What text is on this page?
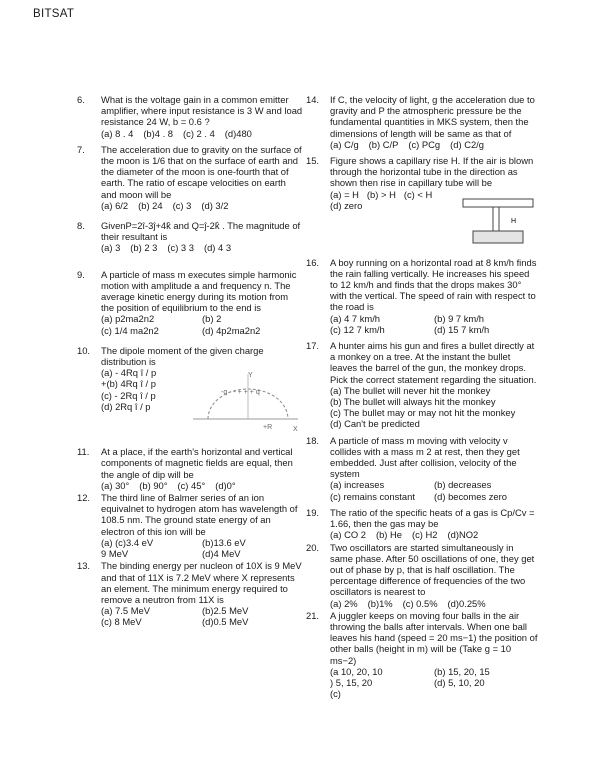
BITSAT
6.	What is the voltage gain in a common emitter amplifier, where input resistance is 3 W and load resistance 24 W, b = 0.6 ?
(a) 8 . 4 (b)4 . 8 (c) 2 . 4 (d)480
7.	The acceleration due to gravity on the surface of the moon is 1/6 that on the surface of earth and the diameter of the moon is one-fourth that of earth. The ratio of escape velocities on earth and moon will be
(a) 6/2 (b) 24 (c) 3 (d) 3/2
8.	GivenP=2î-3ĵ+4k̂ and Q=ĵ-2k̂ . The magnitude of their resultant is
(a) 3 (b) 2 3 (c) 3 3 (d) 4 3
9.	A particle of mass m executes simple harmonic motion with amplitude a and frequency n. The average kinetic energy during its motion from the position of equilibrium to the end is
(a) p2ma2n2	(b) 2
(c) 1/4 ma2n2	(d) 4p2ma2n2
10.	The dipole moment of the given charge distribution is
Y
X
-q - - + + + q
+R
(a) - 4Rq î / p
+(b) 4Rq î / p
(c) - 2Rq î / p
(d) 2Rq î / p
11.	At a place, if the earth's horizontal and vertical components of magnetic fields are equal, then the angle of dip will be
(a) 30° (b) 90° (c) 45° (d)0°
12.	The third line of Balmer series of an ion equivalnet to hydrogen atom has wavelength of 108.5 nm. The ground state energy of an electron of this ion will be
(a) (c)3.4 eV	(b)13.6 eV
9 MeV	(d)4 MeV
13.	The binding energy per nucleon of 10X is 9 MeV and that of 11X is 7.2 MeV where X represents an element. The minimum energy required to remove a neutron from 11X is
(a) 7.5 MeV	(b)2.5 MeV
(c) 8 MeV	(d)0.5 MeV
14.	If C, the velocity of light, g the acceleration due to gravity and P the atmospheric pressure be the fundamental quantities in MKS system, then the dimensions of length will be same as that of
(a) C/g (b) C/P (c) PCg (d) C2/g
15.	Figure shows a capillary rise H. If the air is blown through the horizontal tube in the direction as shown then rise in capillary tube will be
H
(a) = H (b) > H (c) < H
(d) zero
16.	A boy running on a horizontal road at 8 km/h finds the rain falling vertically. He increases his speed to 12 km/h and finds that the drops makes 30° with the vertical. The speed of rain with respect to the road is
(a) 4 7 km/h	(b) 9 7 km/h
(c) 12 7 km/h	(d) 15 7 km/h
17.	A hunter aims his gun and fires a bullet directly at a monkey on a tree. At the instant the bullet leaves the barrel of the gun, the monkey drops. Pick the correct statement regarding the situation.
(a) The bullet will never hit the monkey
(b) The bullet will always hit the monkey
(c) The bullet may or may not hit the monkey
(d) Can't be predicted
18.	A particle of mass m moving with velocity v collides with a mass m 2 at rest, then they get embedded. Just after collision, velocity of the system
(a) increases	(b) decreases
(c) remains constant	(d) becomes zero
19.	The ratio of the specific heats of a gas is Cp/Cv = 1.66, then the gas may be
(a) CO 2 (b) He (c) H2 (d)NO2
20.	Two oscillators are started simultaneously in same phase. After 50 oscillations of one, they get out of phase by p, that is half oscillation. The percentage difference of frequencies of the two oscillators is nearest to
(a) 2% (b)1% (c) 0.5% (d)0.25%
21.	A juggler keeps on moving four balls in the air throwing the balls after intervals. When one ball leaves his hand (speed = 20 ms−1) the position of other balls (height in m) will be (Take g = 10 ms−2)
(a 10, 20, 10	(b) 15, 20, 15
) 5, 15, 20	(d) 5, 10, 20
(c)
